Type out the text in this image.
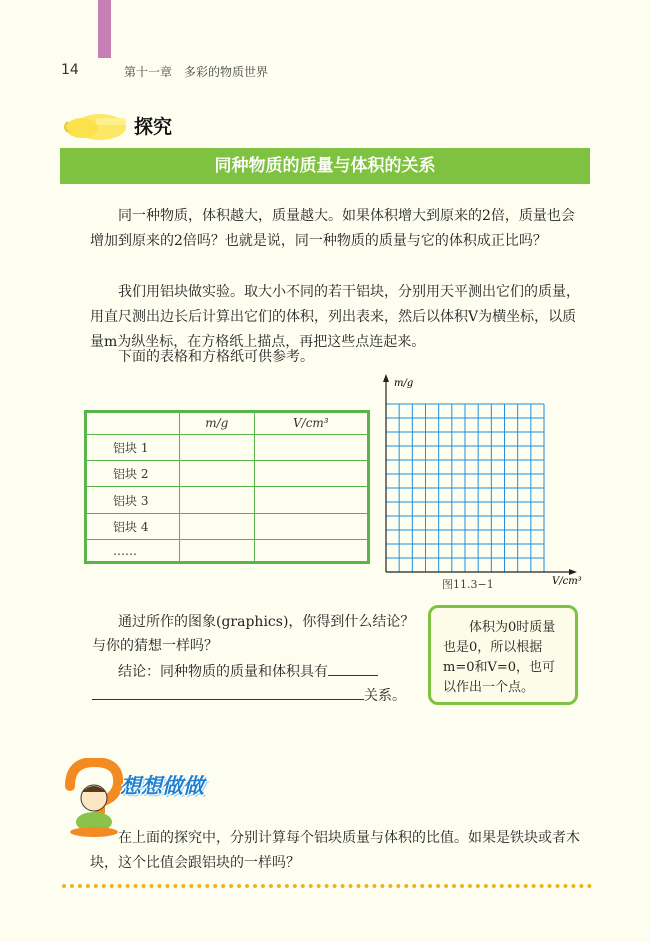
14	第十一章　多彩的物质世界
探究
同种物质的质量与体积的关系
同一种物质，体积越大，质量越大。如果体积增大到原来的2倍，质量也会增加到原来的2倍吗？也就是说，同一种物质的质量与它的体积成正比吗？
我们用铝块做实验。取大小不同的若干铝块，分别用天平测出它们的质量，用直尺测出边长后计算出它们的体积，列出表来，然后以体积V为横坐标，以质量m为纵坐标，在方格纸上描点，再把这些点连起来。
下面的表格和方格纸可供参考。
	m/g	V/cm³
铝块 1		
铝块 2		
铝块 3		
铝块 4		
……		
m/g
V/cm³
图11.3−1
通过所作的图象(graphics)，你得到什么结论？与你的猜想一样吗？
结论：同种物质的质量和体积具有
关系。
体积为0时质量也是0，所以根据m=0和V=0，也可以作出一个点。
想想做做
在上面的探究中，分别计算每个铝块质量与体积的比值。如果是铁块或者木块，这个比值会跟铝块的一样吗？
